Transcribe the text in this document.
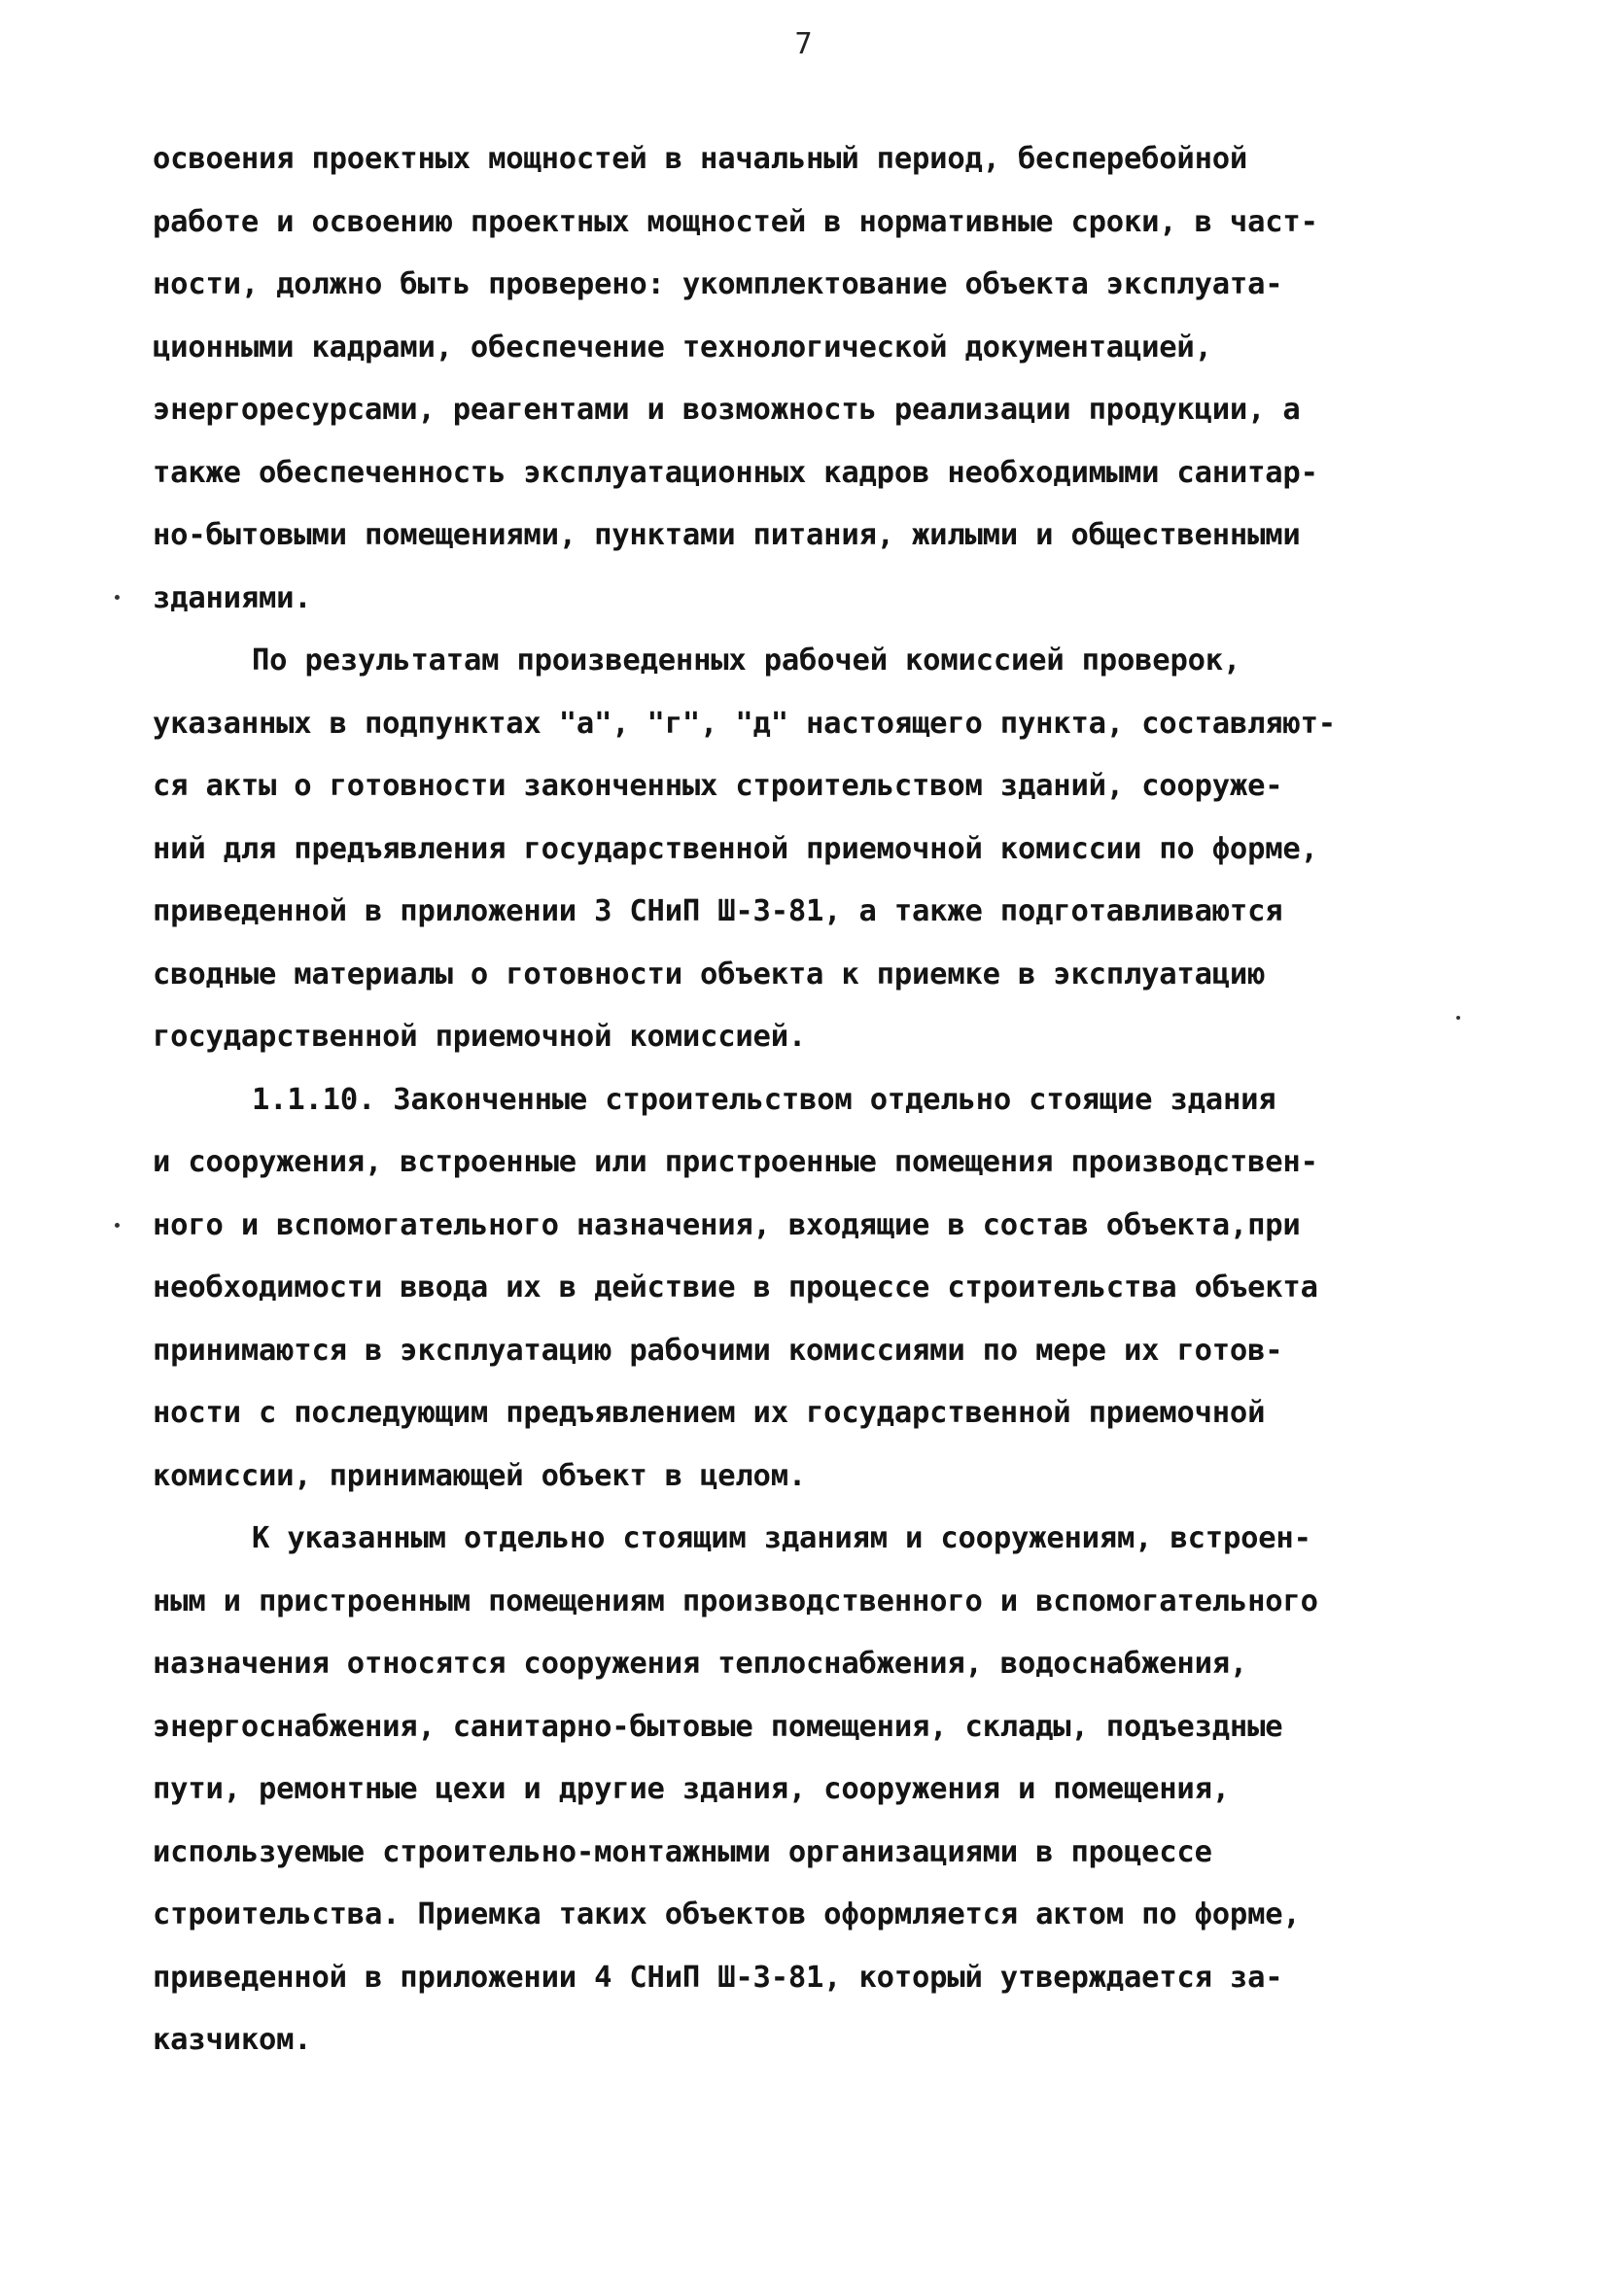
7
освоения проектных мощностей в начальный период, бесперебойной
работе и освоению проектных мощностей в нормативные сроки, в част-
ности, должно быть проверено: укомплектование объекта эксплуата-
ционными кадрами, обеспечение технологической документацией,
энергоресурсами, реагентами и возможность реализации продукции, а
также обеспеченность эксплуатационных кадров необходимыми санитар-
но-бытовыми помещениями, пунктами питания, жилыми и общественными
зданиями.
По результатам произведенных рабочей комиссией проверок,
указанных в подпунктах "а", "г", "д" настоящего пункта, составляют-
ся акты о готовности законченных строительством зданий, сооруже-
ний для предъявления государственной приемочной комиссии по форме,
приведенной в приложении 3 СНиП Ш-3-81, а также подготавливаются
сводные материалы о готовности объекта к приемке в эксплуатацию
государственной приемочной комиссией.
1.1.10. Законченные строительством отдельно стоящие здания
и сооружения, встроенные или пристроенные помещения производствен-
ного и вспомогательного назначения, входящие в состав объекта,при
необходимости ввода их в действие в процессе строительства объекта
принимаются в эксплуатацию рабочими комиссиями по мере их готов-
ности с последующим предъявлением их государственной приемочной
комиссии, принимающей объект в целом.
К указанным отдельно стоящим зданиям и сооружениям, встроен-
ным и пристроенным помещениям производственного и вспомогательного
назначения относятся сооружения теплоснабжения, водоснабжения,
энергоснабжения, санитарно-бытовые помещения, склады, подъездные
пути, ремонтные цехи и другие здания, сооружения и помещения,
используемые строительно-монтажными организациями в процессе
строительства. Приемка таких объектов оформляется актом по форме,
приведенной в приложении 4 СНиП Ш-3-81, который утверждается за-
казчиком.
